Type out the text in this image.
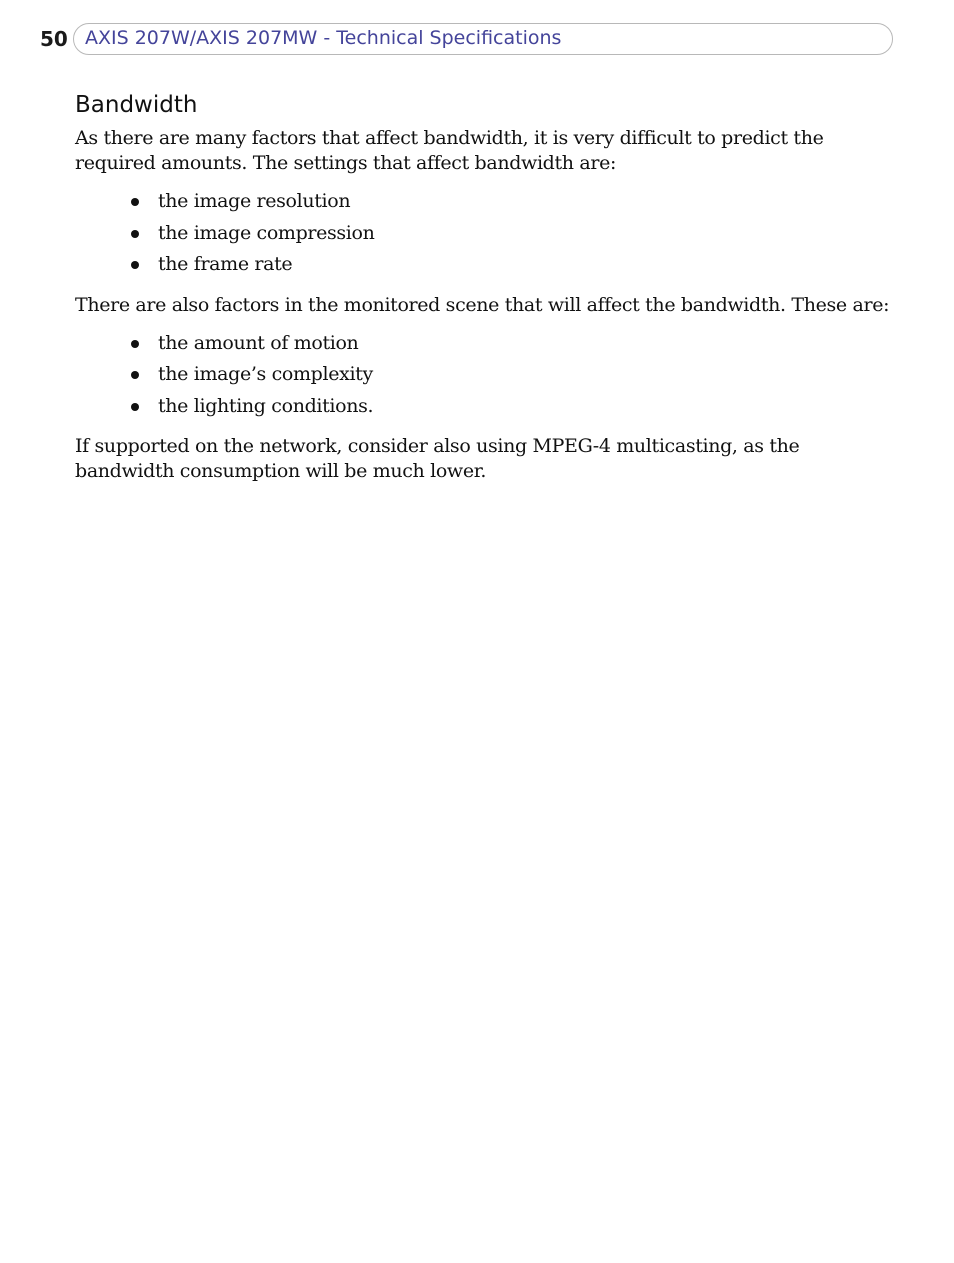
50 AXIS 207W/AXIS 207MW - Technical Specifications
Bandwidth

As there are many factors that affect bandwidth, it is very difficult to predict the required amounts. The settings that affect bandwidth are:

the image resolution
the image compression
the frame rate

There are also factors in the monitored scene that will affect the bandwidth. These are:

the amount of motion
the image’s complexity
the lighting conditions.

If supported on the network, consider also using MPEG-4 multicasting, as the bandwidth consumption will be much lower.
